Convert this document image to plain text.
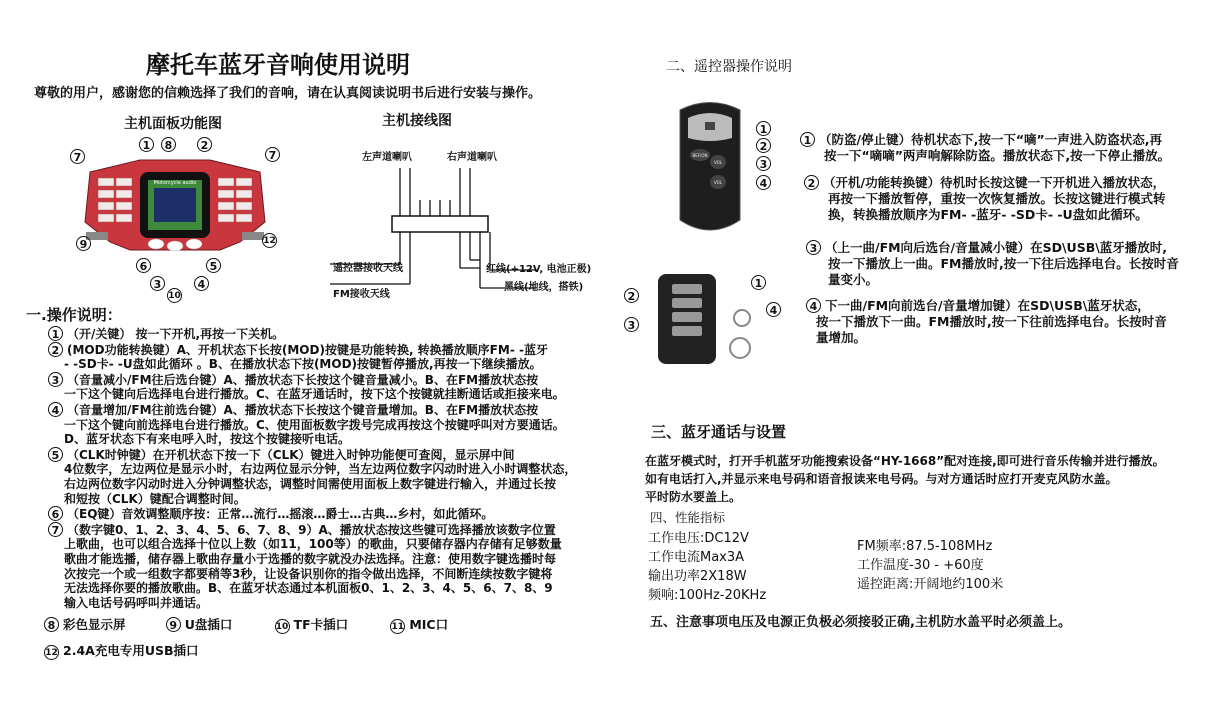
摩托车蓝牙音响使用说明
尊敬的用户，感谢您的信赖选择了我们的音响，请在认真阅读说明书后进行安装与操作。
主机面板功能图	主机接线图
Motorcycle audio
7
1	8	2
7
9
6
3
10
4
5
12
左声道喇叭	右声道喇叭
遥控器接收天线
FM接收天线
红线(+12V, 电池正极)
黑线(地线，搭铁)
一.操作说明：
1 （开/关键） 按一下开机,再按一下关机。
2 (MOD功能转换键）A、开机状态下长按(MOD)按键是功能转换, 转换播放顺序FM- -蓝牙
- -SD卡- -U盘如此循环 。B、在播放状态下按(MOD)按键暂停播放,再按一下继续播放。
3 （音量减小/FM往后选台键）A、播放状态下长按这个键音量减小。B、在FM播放状态按
一下这个键向后选择电台进行播放。C、在蓝牙通话时，按下这个按键就挂断通话或拒接来电。
4 （音量增加/FM往前选台键）A、播放状态下长按这个键音量增加。B、在FM播放状态按
一下这个键向前选择电台进行播放。C、使用面板数字拨号完成再按这个按键呼叫对方要通话。
D、蓝牙状态下有来电呼入时，按这个按键接听电话。
5 （CLK时钟键）在开机状态下按一下（CLK）键进入时钟功能便可查阅，显示屏中间
4位数字，左边两位是显示小时，右边两位显示分钟，当左边两位数字闪动时进入小时调整状态，
右边两位数字闪动时进入分钟调整状态，调整时间需使用面板上数字键进行输入，并通过长按
和短按（CLK）键配合调整时间。
6 （EQ键）音效调整顺序按：正常…流行…摇滚…爵士…古典…乡村，如此循环。
7 （数字键0、1、2、3、4、5、6、7、8、9）A、播放状态按这些键可选择播放该数字位置
上歌曲，也可以组合选择十位以上数（如11，100等）的歌曲，只要储存器内存储有足够数量
歌曲才能选播，储存器上歌曲存量小于选播的数字就没办法选择。注意：使用数字键选播时每
次按完一个或一组数字都要稍等3秒，让设备识别你的指令做出选择，不间断连续按数字键将
无法选择你要的播放歌曲。B、在蓝牙状态通过本机面板0、1、2、3、4、5、6、7、8、9
输入电话号码呼叫并通话。
8 彩色显示屏	9 U盘插口	10 TF卡插口	11 MIC口
12 2.4A充电专用USB插口
二、遥控器操作说明
BEF/ON
VOL
VOL
1
2
3
4
1
2
3
4
1 （防盗/停止键）待机状态下,按一下“嘀”一声进入防盗状态,再
按一下“嘀嘀”两声响解除防盗。播放状态下,按一下停止播放。
2 （开机/功能转换键）待机时长按这键一下开机进入播放状态，
再按一下播放暂停，重按一次恢复播放。长按这键进行模式转
换，转换播放顺序为FM- -蓝牙- -SD卡- -U盘如此循环。
3 （上一曲/FM向后选台/音量减小键）在SD\USB\蓝牙播放时,
按一下播放上一曲。FM播放时,按一下往后选择电台。长按时音
量变小。
4 下一曲/FM向前选台/音量增加键）在SD\USB\蓝牙状态，
按一下播放下一曲。FM播放时,按一下往前选择电台。长按时音
量增加。
三、蓝牙通话与设置
在蓝牙模式时，打开手机蓝牙功能搜索设备“HY-1668”配对连接,即可进行音乐传输并进行播放。
如有电话打入,并显示来电号码和语音报读来电号码。与对方通话时应打开麦克风防水盖。
平时防水要盖上。
四、性能指标
工作电压:DC12V
工作电流Max3A
输出功率2X18W
频响:100Hz-20KHz
FM频率:87.5-108MHz
工作温度-30 - +60度
遥控距离:开阔地约100米
五、注意事项电压及电源正负极必须接驳正确,主机防水盖平时必须盖上。
